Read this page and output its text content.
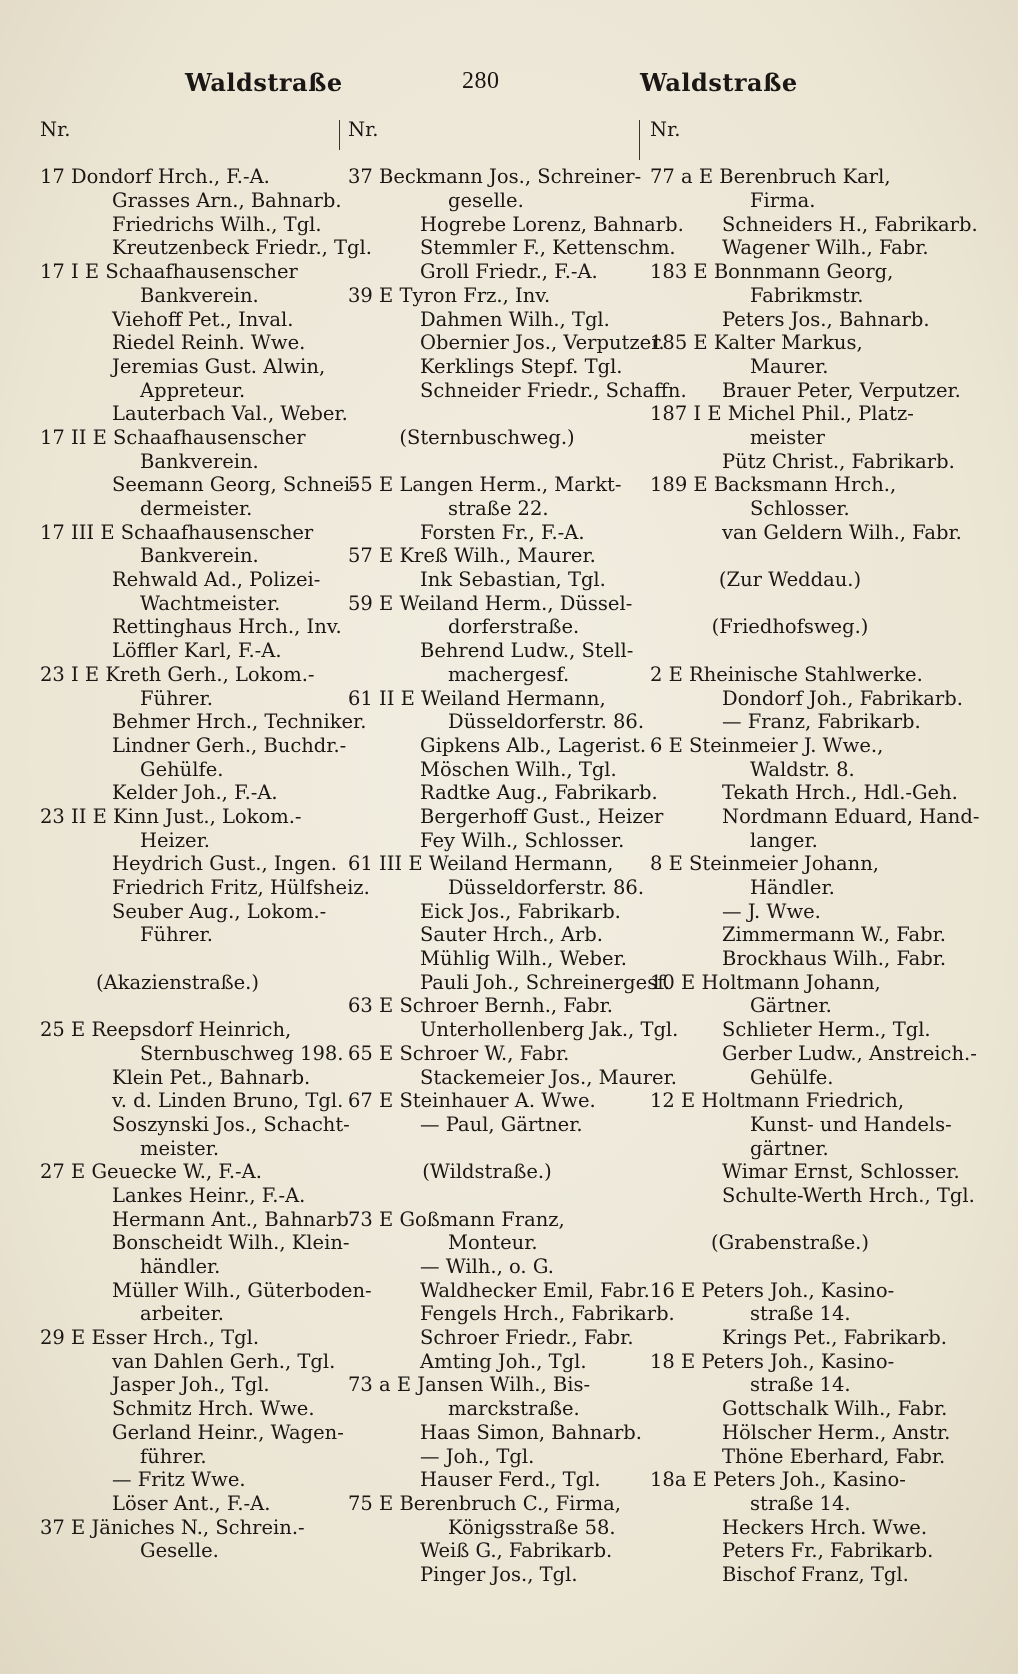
Waldstraße	280	Waldstraße
Nr.
17 Dondorf Hrch., F.-A.
Grasses Arn., Bahnarb.
Friedrichs Wilh., Tgl.
Kreutzenbeck Friedr., Tgl.
17 I E Schaafhausenscher
Bankverein.
Viehoff Pet., Inval.
Riedel Reinh. Wwe.
Jeremias Gust. Alwin,
Appreteur.
Lauterbach Val., Weber.
17 II E Schaafhausenscher
Bankverein.
Seemann Georg, Schnei-
dermeister.
17 III E Schaafhausenscher
Bankverein.
Rehwald Ad., Polizei-
Wachtmeister.
Rettinghaus Hrch., Inv.
Löffler Karl, F.-A.
23 I E Kreth Gerh., Lokom.-
Führer.
Behmer Hrch., Techniker.
Lindner Gerh., Buchdr.-
Gehülfe.
Kelder Joh., F.-A.
23 II E Kinn Just., Lokom.-
Heizer.
Heydrich Gust., Ingen.
Friedrich Fritz, Hülfsheiz.
Seuber Aug., Lokom.-
Führer.
(Akazienstraße.)
25 E Reepsdorf Heinrich,
Sternbuschweg 198.
Klein Pet., Bahnarb.
v. d. Linden Bruno, Tgl.
Soszynski Jos., Schacht-
meister.
27 E Geuecke W., F.-A.
Lankes Heinr., F.-A.
Hermann Ant., Bahnarb.
Bonscheidt Wilh., Klein-
händler.
Müller Wilh., Güterboden-
arbeiter.
29 E Esser Hrch., Tgl.
van Dahlen Gerh., Tgl.
Jasper Joh., Tgl.
Schmitz Hrch. Wwe.
Gerland Heinr., Wagen-
führer.
— Fritz Wwe.
Löser Ant., F.-A.
37 E Jäniches N., Schrein.-
Geselle.
Nr.
37 Beckmann Jos., Schreiner-
geselle.
Hogrebe Lorenz, Bahnarb.
Stemmler F., Kettenschm.
Groll Friedr., F.-A.
39 E Tyron Frz., Inv.
Dahmen Wilh., Tgl.
Obernier Jos., Verputzer.
Kerklings Stepf. Tgl.
Schneider Friedr., Schaffn.
(Sternbuschweg.)
55 E Langen Herm., Markt-
straße 22.
Forsten Fr., F.-A.
57 E Kreß Wilh., Maurer.
Ink Sebastian, Tgl.
59 E Weiland Herm., Düssel-
dorferstraße.
Behrend Ludw., Stell-
machergesf.
61 II E Weiland Hermann,
Düsseldorferstr. 86.
Gipkens Alb., Lagerist.
Möschen Wilh., Tgl.
Radtke Aug., Fabrikarb.
Bergerhoff Gust., Heizer
Fey Wilh., Schlosser.
61 III E Weiland Hermann,
Düsseldorferstr. 86.
Eick Jos., Fabrikarb.
Sauter Hrch., Arb.
Mühlig Wilh., Weber.
Pauli Joh., Schreinergesf.
63 E Schroer Bernh., Fabr.
Unterhollenberg Jak., Tgl.
65 E Schroer W., Fabr.
Stackemeier Jos., Maurer.
67 E Steinhauer A. Wwe.
— Paul, Gärtner.
(Wildstraße.)
73 E Goßmann Franz,
Monteur.
— Wilh., o. G.
Waldhecker Emil, Fabr.
Fengels Hrch., Fabrikarb.
Schroer Friedr., Fabr.
Amting Joh., Tgl.
73 a E Jansen Wilh., Bis-
marckstraße.
Haas Simon, Bahnarb.
— Joh., Tgl.
Hauser Ferd., Tgl.
75 E Berenbruch C., Firma,
Königsstraße 58.
Weiß G., Fabrikarb.
Pinger Jos., Tgl.
Nr.
77 a E Berenbruch Karl,
Firma.
Schneiders H., Fabrikarb.
Wagener Wilh., Fabr.
183 E Bonnmann Georg,
Fabrikmstr.
Peters Jos., Bahnarb.
185 E Kalter Markus,
Maurer.
Brauer Peter, Verputzer.
187 I E Michel Phil., Platz-
meister
Pütz Christ., Fabrikarb.
189 E Backsmann Hrch.,
Schlosser.
van Geldern Wilh., Fabr.
(Zur Weddau.)
(Friedhofsweg.)
2 E Rheinische Stahlwerke.
Dondorf Joh., Fabrikarb.
— Franz, Fabrikarb.
6 E Steinmeier J. Wwe.,
Waldstr. 8.
Tekath Hrch., Hdl.-Geh.
Nordmann Eduard, Hand-
langer.
8 E Steinmeier Johann,
Händler.
— J. Wwe.
Zimmermann W., Fabr.
Brockhaus Wilh., Fabr.
10 E Holtmann Johann,
Gärtner.
Schlieter Herm., Tgl.
Gerber Ludw., Anstreich.-
Gehülfe.
12 E Holtmann Friedrich,
Kunst- und Handels-
gärtner.
Wimar Ernst, Schlosser.
Schulte-Werth Hrch., Tgl.
(Grabenstraße.)
16 E Peters Joh., Kasino-
straße 14.
Krings Pet., Fabrikarb.
18 E Peters Joh., Kasino-
straße 14.
Gottschalk Wilh., Fabr.
Hölscher Herm., Anstr.
Thöne Eberhard, Fabr.
18a E Peters Joh., Kasino-
straße 14.
Heckers Hrch. Wwe.
Peters Fr., Fabrikarb.
Bischof Franz, Tgl.
